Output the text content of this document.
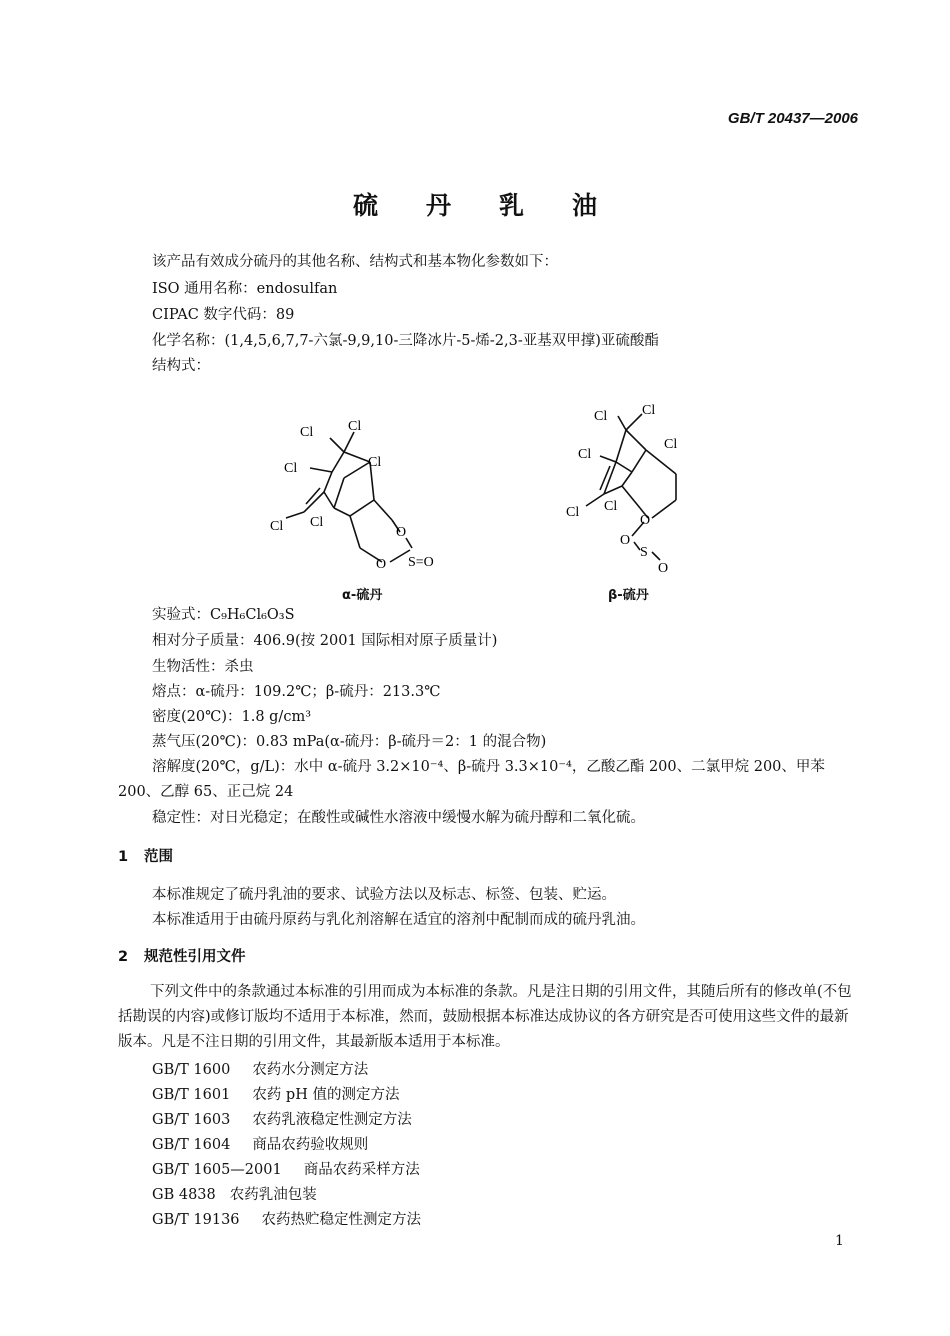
GB/T 20437—2006
硫丹乳油
该产品有效成分硫丹的其他名称、结构式和基本物化参数如下：
ISO 通用名称：endosulfan
CIPAC 数字代码：89
化学名称：(1,4,5,6,7,7-六氯-9,9,10-三降冰片-5-烯-2,3-亚基双甲撑)亚硫酸酯
结构式：
Cl Cl
Cl
Cl
Cl Cl
O
O S=O
α-硫丹
Cl Cl
Cl
Cl
Cl Cl
O
O
S
O
β-硫丹
实验式：C₉H₆Cl₆O₃S
相对分子质量：406.9(按 2001 国际相对原子质量计)
生物活性：杀虫
熔点：α-硫丹：109.2℃；β-硫丹：213.3℃
密度(20℃)：1.8 g/cm³
蒸气压(20℃)：0.83 mPa(α-硫丹：β-硫丹＝2：1 的混合物)
溶解度(20℃，g/L)：水中 α-硫丹 3.2×10⁻⁴、β-硫丹 3.3×10⁻⁴，乙酸乙酯 200、二氯甲烷 200、甲苯 200、乙醇 65、正己烷 24
稳定性：对日光稳定；在酸性或碱性水溶液中缓慢水解为硫丹醇和二氧化硫。
1 范围
本标准规定了硫丹乳油的要求、试验方法以及标志、标签、包装、贮运。
本标准适用于由硫丹原药与乳化剂溶解在适宜的溶剂中配制而成的硫丹乳油。
2 规范性引用文件
下列文件中的条款通过本标准的引用而成为本标准的条款。凡是注日期的引用文件，其随后所有的修改单(不包括勘误的内容)或修订版均不适用于本标准，然而，鼓励根据本标准达成协议的各方研究是否可使用这些文件的最新版本。凡是不注日期的引用文件，其最新版本适用于本标准。
GB/T 1600 农药水分测定方法
GB/T 1601 农药 pH 值的测定方法
GB/T 1603 农药乳液稳定性测定方法
GB/T 1604 商品农药验收规则
GB/T 1605—2001 商品农药采样方法
GB 4838 农药乳油包装
GB/T 19136 农药热贮稳定性测定方法
1
